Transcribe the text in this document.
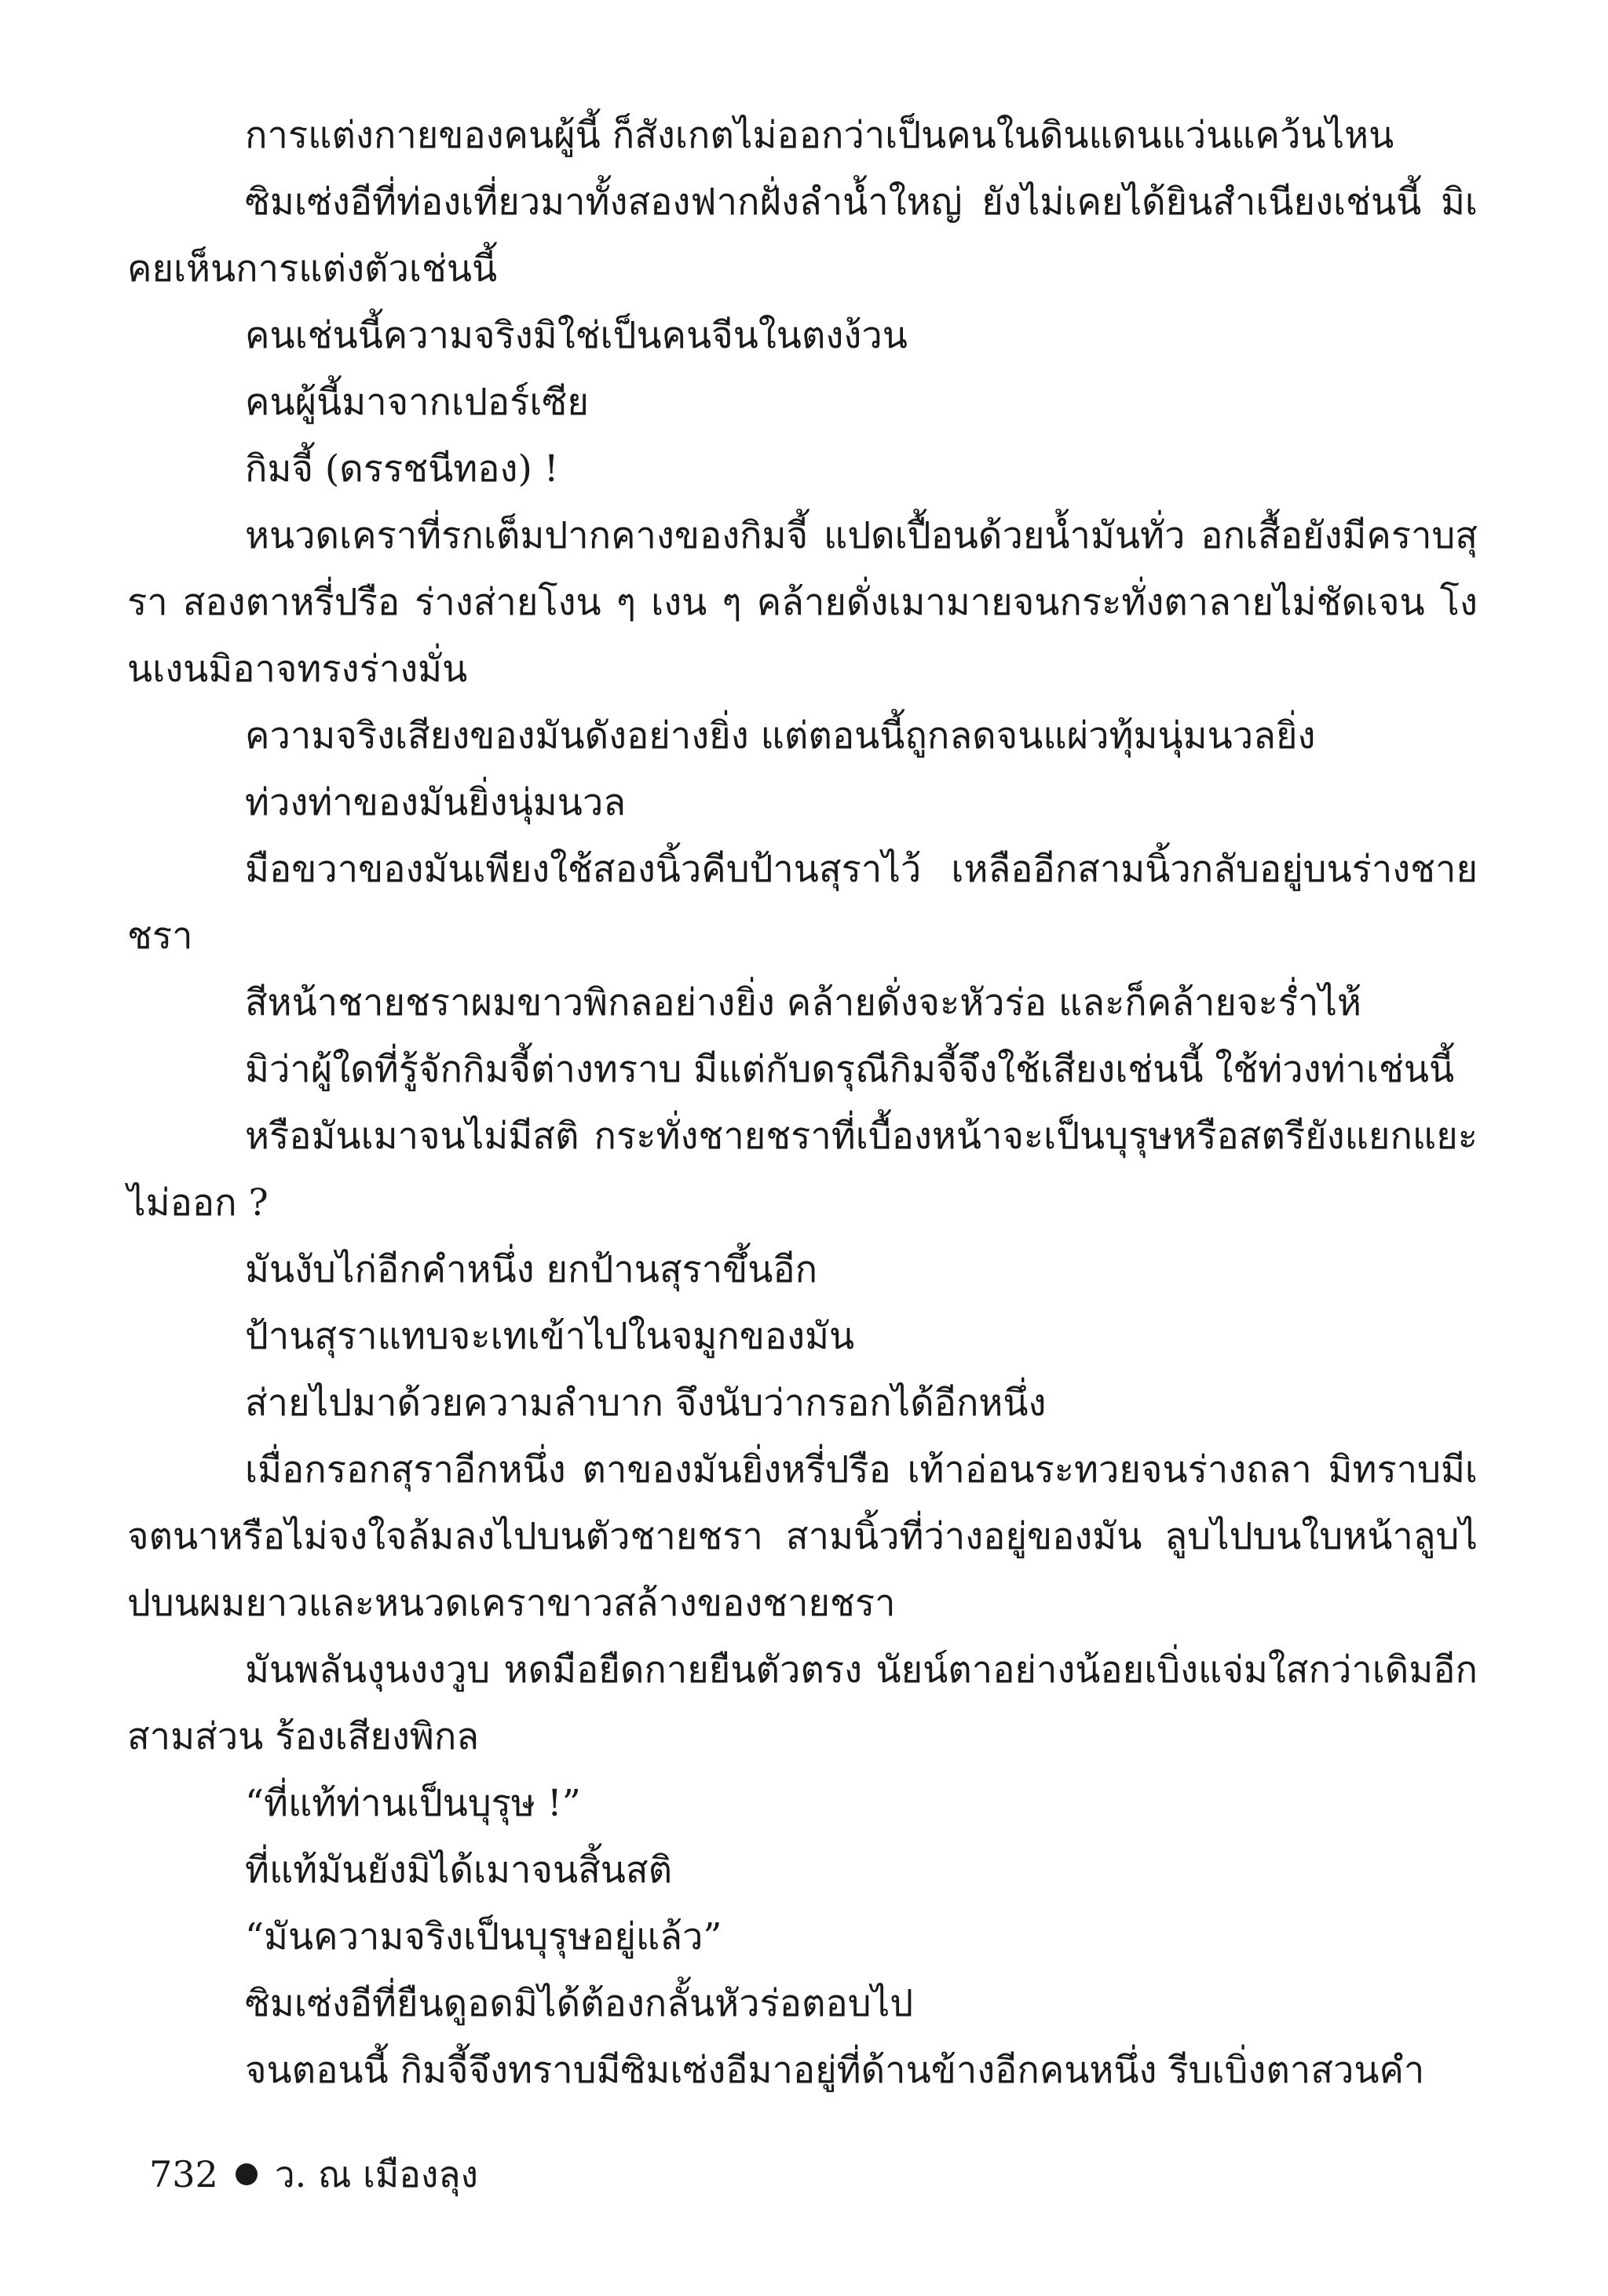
การแต่งกายของคนผู้นี้ ก็สังเกตไม่ออกว่าเป็นคนในดินแดนแว่นแคว้นไหน

ซิมเซ่งอีที่ท่องเที่ยวมาทั้งสองฟากฝั่งลำน้ำใหญ่ ยังไม่เคยได้ยินสำเนียงเช่นนี้ มิเคยเห็นการแต่งตัวเช่นนี้

คนเช่นนี้ความจริงมิใช่เป็นคนจีนในตงง้วน

คนผู้นี้มาจากเปอร์เซีย

กิมจี้ (ดรรชนีทอง) !

หนวดเคราที่รกเต็มปากคางของกิมจี้ แปดเปื้อนด้วยน้ำมันทั่ว อกเสื้อยังมีคราบสุรา สองตาหรี่ปรือ ร่างส่ายโงน ๆ เงน ๆ คล้ายดั่งเมามายจนกระทั่งตาลายไม่ชัดเจน โงนเงนมิอาจทรงร่างมั่น

ความจริงเสียงของมันดังอย่างยิ่ง แต่ตอนนี้ถูกลดจนแผ่วทุ้มนุ่มนวลยิ่ง

ท่วงท่าของมันยิ่งนุ่มนวล

มือขวาของมันเพียงใช้สองนิ้วคีบป้านสุราไว้ เหลืออีกสามนิ้วกลับอยู่บนร่างชายชรา

สีหน้าชายชราผมขาวพิกลอย่างยิ่ง คล้ายดั่งจะหัวร่อ และก็คล้ายจะร่ำไห้

มิว่าผู้ใดที่รู้จักกิมจี้ต่างทราบ มีแต่กับดรุณีกิมจี้จึงใช้เสียงเช่นนี้ ใช้ท่วงท่าเช่นนี้

หรือมันเมาจนไม่มีสติ กระทั่งชายชราที่เบื้องหน้าจะเป็นบุรุษหรือสตรียังแยกแยะไม่ออก ?

มันงับไก่อีกคำหนึ่ง ยกป้านสุราขึ้นอีก

ป้านสุราแทบจะเทเข้าไปในจมูกของมัน

ส่ายไปมาด้วยความลำบาก จึงนับว่ากรอกได้อีกหนึ่ง

เมื่อกรอกสุราอีกหนึ่ง ตาของมันยิ่งหรี่ปรือ เท้าอ่อนระทวยจนร่างถลา มิทราบมีเจตนาหรือไม่จงใจล้มลงไปบนตัวชายชรา สามนิ้วที่ว่างอยู่ของมัน ลูบไปบนใบหน้าลูบไปบนผมยาวและหนวดเคราขาวสล้างของชายชรา

มันพลันงุนงงวูบ หดมือยืดกายยืนตัวตรง นัยน์ตาอย่างน้อยเบิ่งแจ่มใสกว่าเดิมอีกสามส่วน ร้องเสียงพิกล

“ที่แท้ท่านเป็นบุรุษ !”

ที่แท้มันยังมิได้เมาจนสิ้นสติ

“มันความจริงเป็นบุรุษอยู่แล้ว”

ซิมเซ่งอีที่ยืนดูอดมิได้ต้องกลั้นหัวร่อตอบไป

จนตอนนี้ กิมจี้จึงทราบมีซิมเซ่งอีมาอยู่ที่ด้านข้างอีกคนหนึ่ง รีบเบิ่งตาสวนคำ

732 ว. ณ เมืองลุง
